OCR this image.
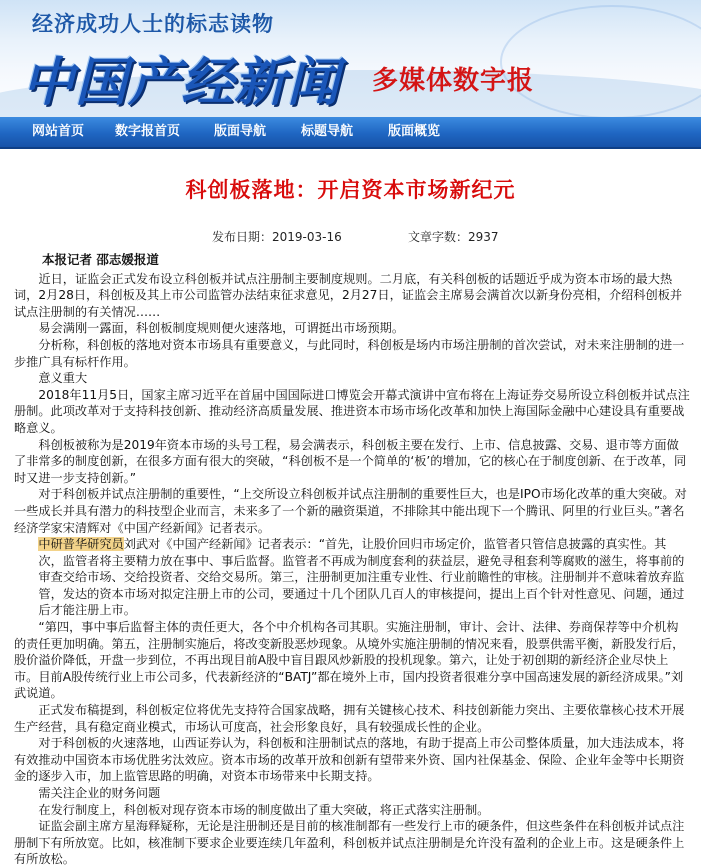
经济成功人士的标志读物
中国产经新闻 多媒体数字报
网站首页 数字报首页	版面导航	标题导航	版面概览
科创板落地：开启资本市场新纪元
发布日期：2019-03-16	文章字数：2937

本报记者 邵志媛报道

近日，证监会正式发布设立科创板并试点注册制主要制度规则。二月底，有关科创板的话题近乎成为资本市场的最大热词，2月28日，科创板及其上市公司监管办法结束征求意见，2月27日，证监会主席易会满首次以新身份亮相，介绍科创板并试点注册制的有关情况……

易会满刚一露面，科创板制度规则便火速落地，可谓挺出市场预期。

分析称，科创板的落地对资本市场具有重要意义，与此同时，科创板是场内市场注册制的首次尝试，对未来注册制的进一步推广具有标杆作用。

意义重大

2018年11月5日，国家主席习近平在首届中国国际进口博览会开幕式演讲中宣布将在上海证券交易所设立科创板并试点注册制。此项改革对于支持科技创新、推动经济高质量发展、推进资本市场市场化改革和加快上海国际金融中心建设具有重要战略意义。

科创板被称为是2019年资本市场的头号工程，易会满表示，科创板主要在发行、上市、信息披露、交易、退市等方面做了非常多的制度创新，在很多方面有很大的突破，“科创板不是一个简单的‘板’的增加，它的核心在于制度创新、在于改革，同时又进一步支持创新。”

对于科创板并试点注册制的重要性，“上交所设立科创板并试点注册制的重要性巨大，也是IPO市场化改革的重大突破。对一些成长并具有潜力的科技型企业而言，未来多了一个新的融资渠道，不排除其中能出现下一个腾讯、阿里的行业巨头。”著名经济学家宋清辉对《中国产经新闻》记者表示。

中研普华研究员刘武对《中国产经新闻》记者表示：“首先，让股价回归市场定价，监管者只管信息披露的真实性。其次，监管者将主要精力放在事中、事后监督。监管者不再成为制度套利的获益层，避免寻租套利等腐败的滋生，将事前的审查交给市场、交给投资者、交给交易所。第三，注册制更加注重专业性、行业前瞻性的审核。注册制并不意味着放弃监管，发达的资本市场对拟定注册上市的公司，要通过十几个团队几百人的审核提问，提出上百个针对性意见、问题，通过后才能注册上市。

“第四，事中事后监督主体的责任更大，各个中介机构各司其职。实施注册制，审计、会计、法律、券商保荐等中介机构的责任更加明确。第五，注册制实施后，将改变新股恶炒现象。从境外实施注册制的情况来看，股票供需平衡，新股发行后，股价溢价降低，开盘一步到位，不再出现目前A股中盲目跟风炒新股的投机现象。第六，让处于初创期的新经济企业尽快上市。目前A股传统行业上市公司多，代表新经济的“BATJ”都在境外上市，国内投资者很难分享中国高速发展的新经济成果。”刘武说道。

正式发布稿提到，科创板定位将优先支持符合国家战略，拥有关键核心技术、科技创新能力突出、主要依靠核心技术开展生产经营，具有稳定商业模式，市场认可度高，社会形象良好，具有较强成长性的企业。

对于科创板的火速落地，山西证券认为，科创板和注册制试点的落地，有助于提高上市公司整体质量，加大违法成本，将有效推动中国资本市场优胜劣汰效应。资本市场的改革开放和创新有望带来外资、国内社保基金、保险、企业年金等中长期资金的逐步入市，加上监管思路的明确，对资本市场带来中长期支持。

需关注企业的财务问题

在发行制度上，科创板对现存资本市场的制度做出了重大突破，将正式落实注册制。

证监会副主席方星海释疑称，无论是注册制还是目前的核准制都有一些发行上市的硬条件，但这些条件在科创板并试点注册制下有所放宽。比如，核准制下要求企业要连续几年盈利，科创板并试点注册制是允许没有盈利的企业上市。这是硬条件上有所放松。
